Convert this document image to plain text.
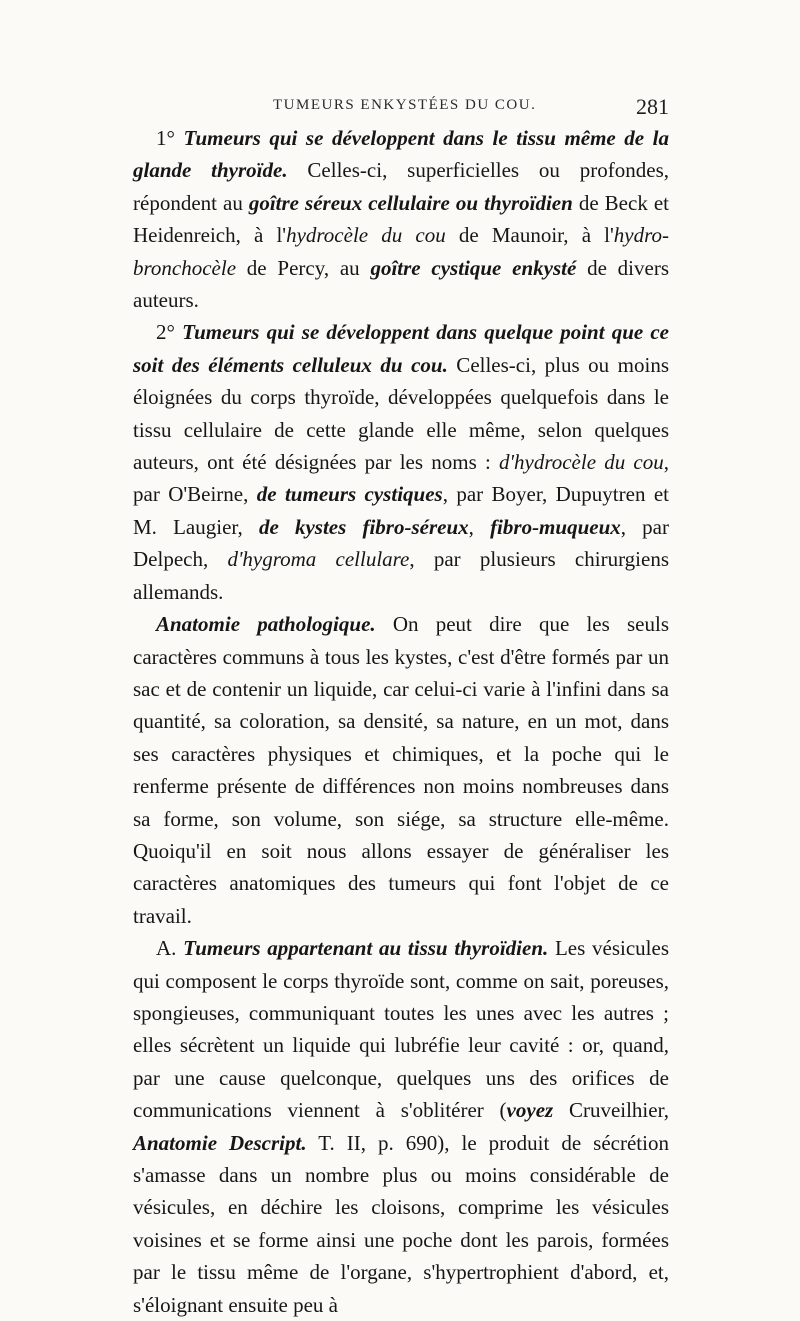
TUMEURS ENKYSTÉES DU COU.	281

1° Tumeurs qui se développent dans le tissu même de la glande thyroïde. Celles-ci, superficielles ou profondes, répondent au goître séreux cellulaire ou thyroïdien de Beck et Heidenreich, à l'hydrocèle du cou de Maunoir, à l'hydro-bronchocèle de Percy, au goître cystique enkysté de divers auteurs.

2° Tumeurs qui se développent dans quelque point que ce soit des éléments celluleux du cou. Celles-ci, plus ou moins éloignées du corps thyroïde, développées quelquefois dans le tissu cellulaire de cette glande elle même, selon quelques auteurs, ont été désignées par les noms : d'hydrocèle du cou, par O'Beirne, de tumeurs cystiques, par Boyer, Dupuytren et M. Laugier, de kystes fibro-séreux, fibro-muqueux, par Delpech, d'hygroma cellulare, par plusieurs chirurgiens allemands.

Anatomie pathologique. On peut dire que les seuls caractères communs à tous les kystes, c'est d'être formés par un sac et de contenir un liquide, car celui-ci varie à l'infini dans sa quantité, sa coloration, sa densité, sa nature, en un mot, dans ses caractères physiques et chimiques, et la poche qui le renferme présente de différences non moins nombreuses dans sa forme, son volume, son siége, sa structure elle-même. Quoiqu'il en soit nous allons essayer de généraliser les caractères anatomiques des tumeurs qui font l'objet de ce travail.

A. Tumeurs appartenant au tissu thyroïdien. Les vésicules qui composent le corps thyroïde sont, comme on sait, poreuses, spongieuses, communiquant toutes les unes avec les autres ; elles sécrètent un liquide qui lubréfie leur cavité : or, quand, par une cause quelconque, quelques uns des orifices de communications viennent à s'oblitérer (voyez Cruveilhier, Anatomie Descript. T. II, p. 690), le produit de sécrétion s'amasse dans un nombre plus ou moins considérable de vésicules, en déchire les cloisons, comprime les vésicules voisines et se forme ainsi une poche dont les parois, formées par le tissu même de l'organe, s'hypertrophient d'abord, et, s'éloignant ensuite peu à
